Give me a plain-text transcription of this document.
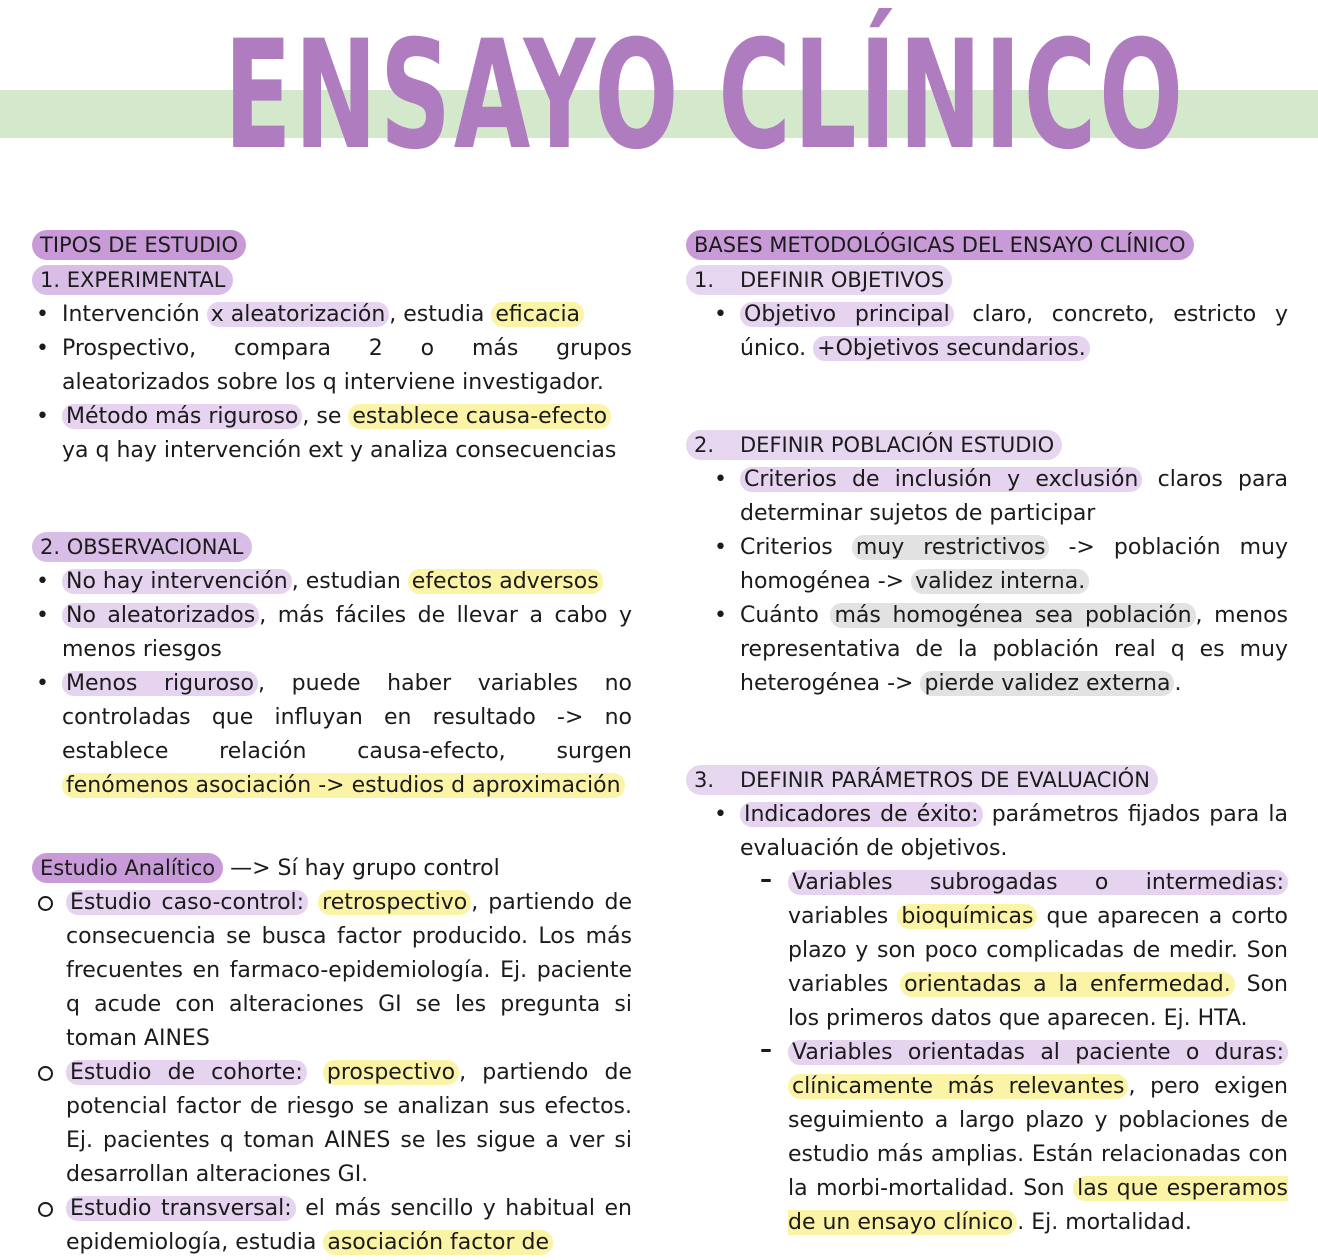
ENSAYO CLÍNICO
TIPOS DE ESTUDIO
1. EXPERIMENTAL
• Intervención x aleatorización , estudia eficacia
• Prospectivo, compara 2 o más grupos aleatorizados sobre los q interviene investigador.
• Método más riguroso , se establece causa-efecto ya q hay intervención ext y analiza consecuencias
2. OBSERVACIONAL
• No hay intervención , estudian efectos adversos
• No aleatorizados , más fáciles de llevar a cabo y menos riesgos
• Menos riguroso , puede haber variables no controladas que influyan en resultado -> no establece relación causa-efecto, surgen fenómenos asociación -> estudios d aproximación
Estudio Analítico —> Sí hay grupo control
Estudio caso-control: retrospectivo , partiendo de consecuencia se busca factor producido. Los más frecuentes en farmaco-epidemiología. Ej. paciente q acude con alteraciones GI se les pregunta si toman AINES
Estudio de cohorte: prospectivo , partiendo de potencial factor de riesgo se analizan sus efectos. Ej. pacientes q toman AINES se les sigue a ver si desarrollan alteraciones GI.
Estudio transversal: el más sencillo y habitual en epidemiología, estudia asociación factor de
BASES METODOLÓGICAS DEL ENSAYO CLÍNICO
1. DEFINIR OBJETIVOS
• Objetivo principal claro, concreto, estricto y único. +Objetivos secundarios.
2. DEFINIR POBLACIÓN ESTUDIO
• Criterios de inclusión y exclusión claros para determinar sujetos de participar
• Criterios muy restrictivos -> población muy homogénea -> validez interna.
• Cuánto más homogénea sea población , menos representativa de la población real q es muy heterogénea -> pierde validez externa .
3. DEFINIR PARÁMETROS DE EVALUACIÓN
• Indicadores de éxito: parámetros fijados para la evaluación de objetivos.
– Variables subrogadas o intermedias: variables bioquímicas que aparecen a corto plazo y son poco complicadas de medir. Son variables orientadas a la enfermedad. Son los primeros datos que aparecen. Ej. HTA.
– Variables orientadas al paciente o duras: clínicamente más relevantes , pero exigen seguimiento a largo plazo y poblaciones de estudio más amplias. Están relacionadas con la morbi-mortalidad. Son las que esperamos de un ensayo clínico . Ej. mortalidad.
